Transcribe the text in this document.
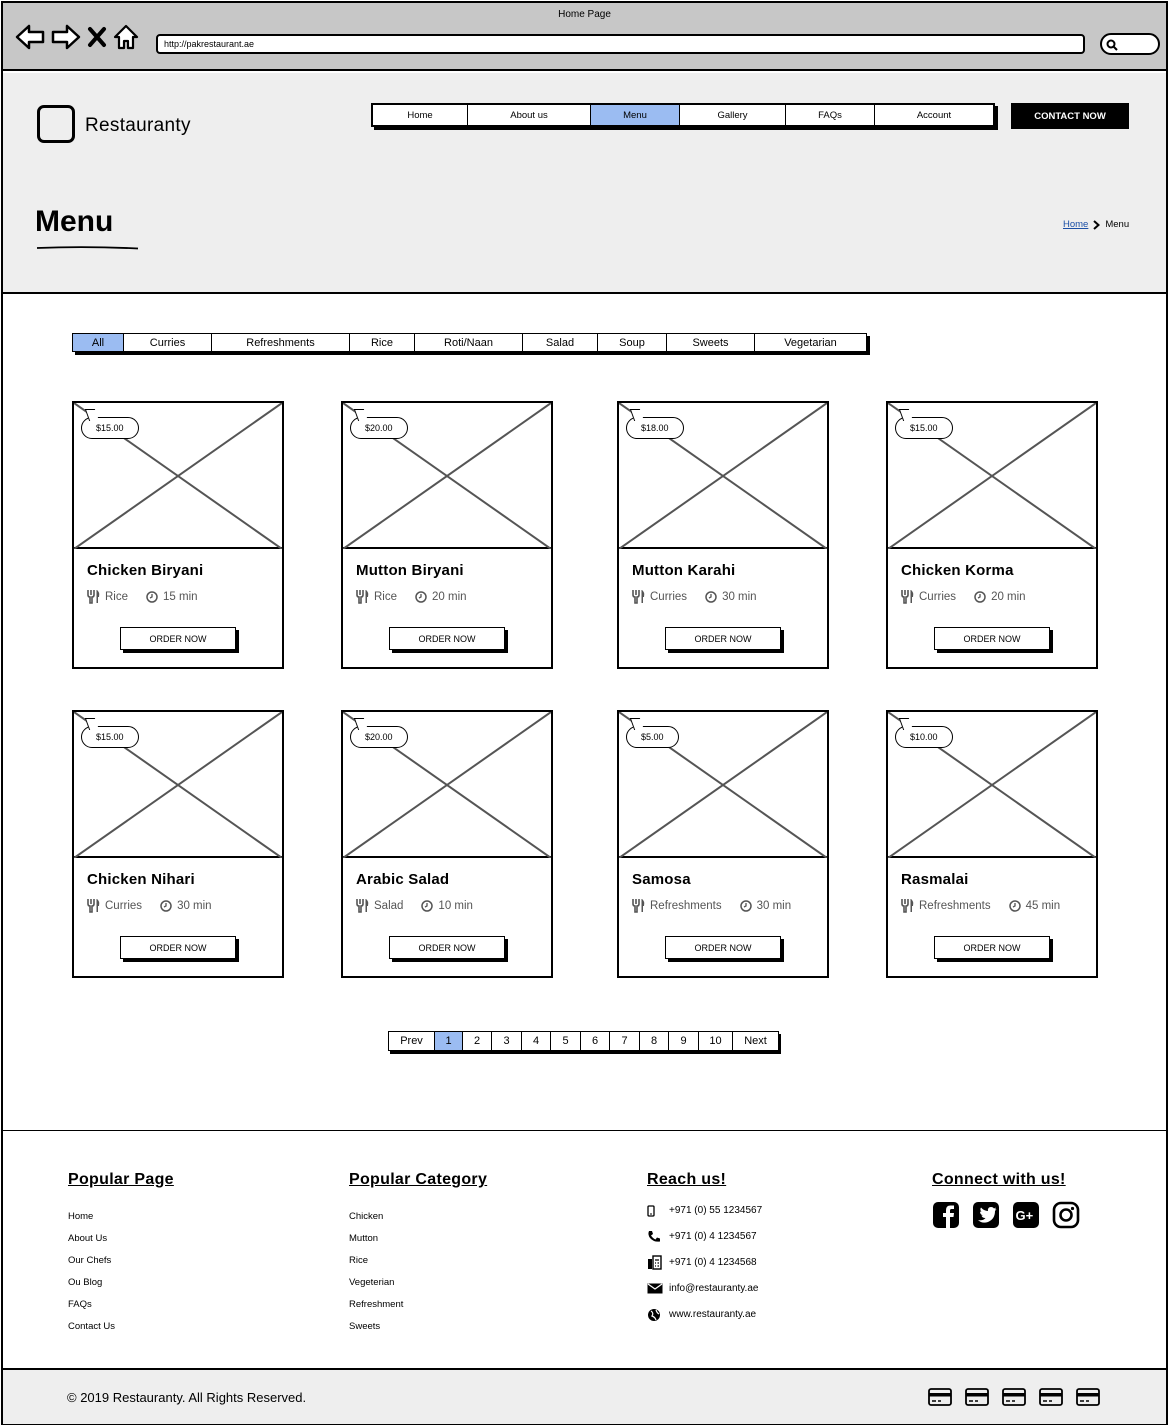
Home Page
http://pakrestaurant.ae
Restauranty	Home	About us	Menu	Gallery	FAQs	Account	CONTACT NOW
Menu	Home Menu
All	Curries	Refreshments	Rice	Roti/Naan	Salad	Soup	Sweets	Vegetarian
$15.00
Chicken Biryani
Rice	15 min
ORDER NOW
$20.00
Mutton Biryani
Rice	20 min
ORDER NOW
$18.00
Mutton Karahi
Curries	30 min
ORDER NOW
$15.00
Chicken Korma
Curries	20 min
ORDER NOW
$15.00
Chicken Nihari
Curries	30 min
ORDER NOW
$20.00
Arabic Salad
Salad	10 min
ORDER NOW
$5.00
Samosa
Refreshments	30 min
ORDER NOW
$10.00
Rasmalai
Refreshments	45 min
ORDER NOW
Prev	1	2	3	4	5	6	7	8	9	10	Next
Popular Page
Home
About Us
Our Chefs
Ou Blog
FAQs
Contact Us
Popular Category
Chicken
Mutton
Rice
Vegeterian
Refreshment
Sweets
Reach us!
+971 (0) 55 1234567
+971 (0) 4 1234567
+971 (0) 4 1234568
info@restauranty.ae
www.restauranty.ae
Connect with us!
G+
© 2019 Restauranty. All Rights Reserved.
